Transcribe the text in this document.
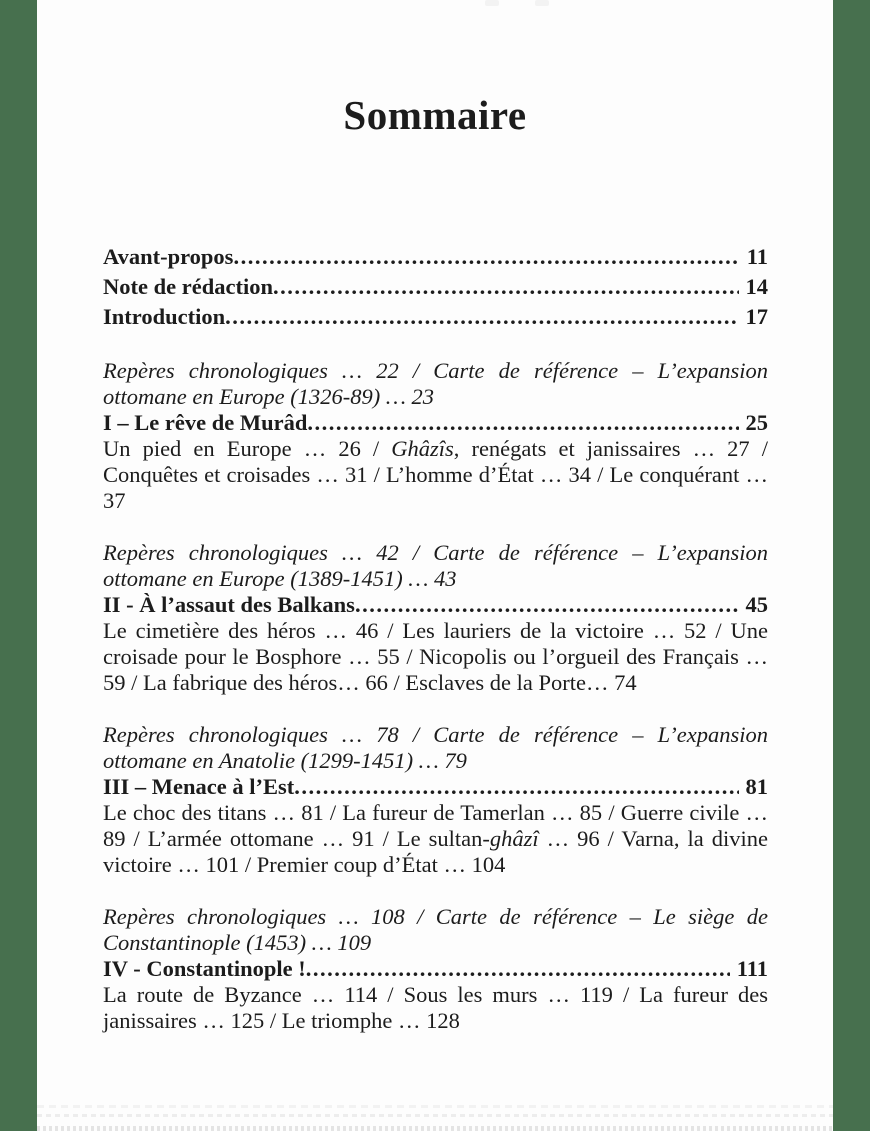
Sommaire
Avant-propos .....	11
Note de rédaction .....	14
Introduction .....	17

Repères chronologiques … 22 / Carte de référence – L’expansion ottomane en Europe (1326-89) … 23

I – Le rêve de Murâd .....	25

Un pied en Europe … 26 / Ghâzîs, renégats et janissaires … 27 / Conquêtes et croisades … 31 / L’homme d’État … 34 / Le conquérant … 37

Repères chronologiques … 42 / Carte de référence – L’expansion ottomane en Europe (1389-1451) … 43

II - À l’assaut des Balkans .....	45

Le cimetière des héros … 46 / Les lauriers de la victoire … 52 / Une croisade pour le Bosphore … 55 / Nicopolis ou l’orgueil des Français … 59 / La fabrique des héros… 66 / Esclaves de la Porte… 74

Repères chronologiques … 78 / Carte de référence – L’expansion ottomane en Anatolie (1299-1451) … 79

III – Menace à l’Est .....	81

Le choc des titans … 81 / La fureur de Tamerlan … 85 / Guerre civile … 89 / L’armée ottomane … 91 / Le sultan-ghâzî … 96 / Varna, la divine victoire … 101 / Premier coup d’État … 104

Repères chronologiques … 108 / Carte de référence – Le siège de Constantinople (1453) … 109

IV - Constantinople ! .....	111

La route de Byzance … 114 / Sous les murs … 119 / La fureur des janissaires … 125 / Le triomphe … 128
